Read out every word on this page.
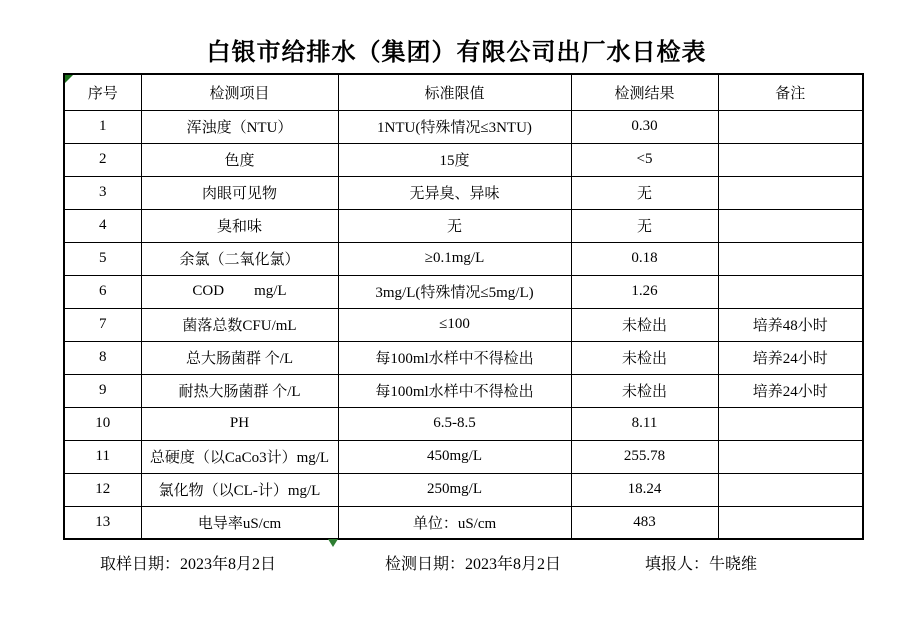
白银市给排水（集团）有限公司出厂水日检表
序号	检测项目	标准限值	检测结果	备注
1	浑浊度（NTU）	1NTU(特殊情况≤3NTU)	0.30	
2	色度	15度	<5	
3	肉眼可见物	无异臭、异味	无	
4	臭和味	无	无	
5	余氯（二氧化氯）	≥0.1mg/L	0.18	
6	COD        mg/L	3mg/L(特殊情况≤5mg/L)	1.26	
7	菌落总数CFU/mL	≤100	未检出	培养48小时
8	总大肠菌群 个/L	每100ml水样中不得检出	未检出	培养24小时
9	耐热大肠菌群 个/L	每100ml水样中不得检出	未检出	培养24小时
10	PH	6.5-8.5	8.11	
11	总硬度（以CaCo3计）mg/L	450mg/L	255.78	
12	氯化物（以CL-计）mg/L	250mg/L	18.24	
13	电导率uS/cm	单位：uS/cm	483	
取样日期：2023年8月2日	检测日期：2023年8月2日	填报人：牛晓维
